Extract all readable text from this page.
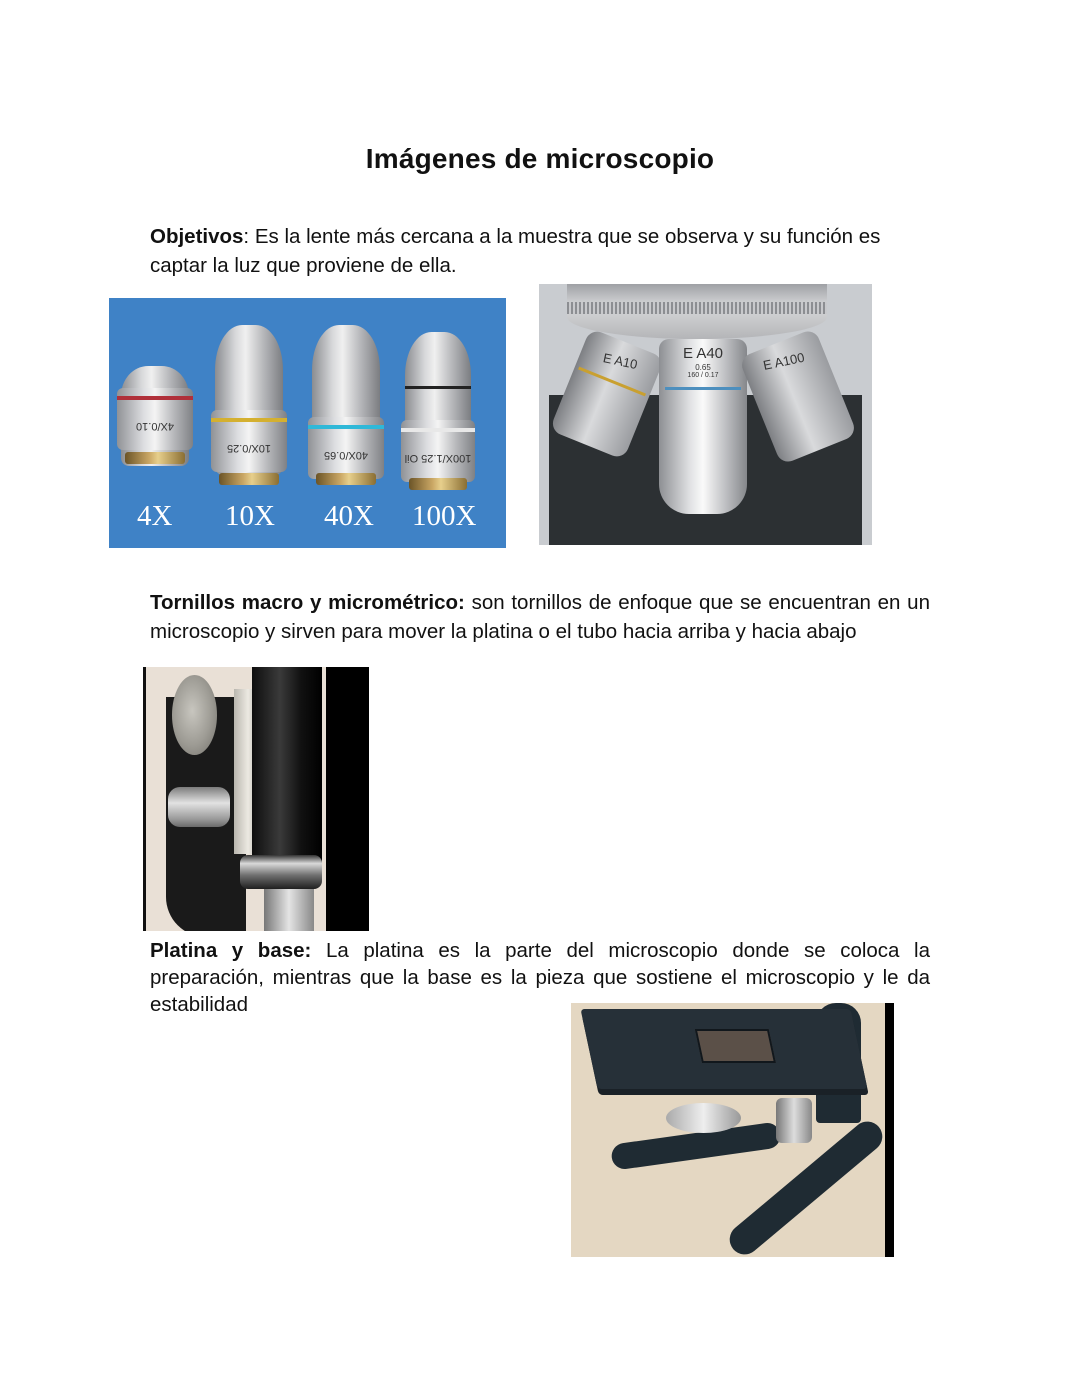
Imágenes de microscopio

Objetivos: Es la lente más cercana a la muestra que se observa y su función es captar la luz que proviene de ella.

4X/0.10
10X/0.25
40X/0.65	100X/1.25 Oil
4X 10X 40X 100X
E A10	E A40
0.65
160 / 0.17
E A100

Tornillos macro y micrométrico: son tornillos de enfoque que se encuentran en un microscopio y sirven para mover la platina o el tubo hacia arriba y hacia abajo

Platina y base: La platina es la parte del microscopio donde se coloca la preparación, mientras que la base es la pieza que sostiene el microscopio y le da estabilidad
